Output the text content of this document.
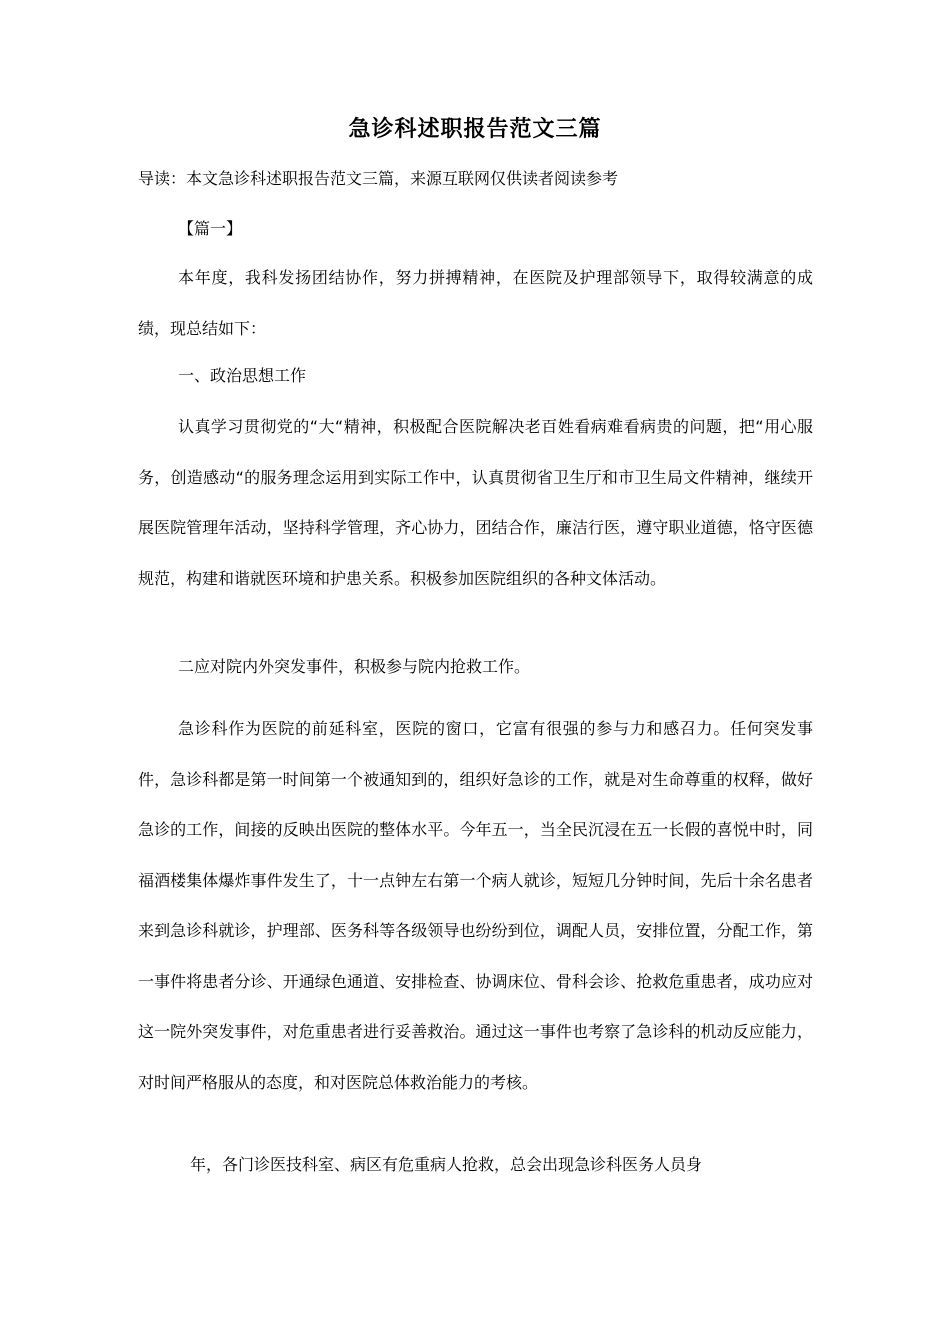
急诊科述职报告范文三篇
导读：本文急诊科述职报告范文三篇，来源互联网仅供读者阅读参考
【篇一】

本年度，我科发扬团结协作，努力拼搏精神，在医院及护理部领导下，取得较满意的成绩，现总结如下：

一、政治思想工作

认真学习贯彻党的“大“精神，积极配合医院解决老百姓看病难看病贵的问题，把“用心服务，创造感动“的服务理念运用到实际工作中，认真贯彻省卫生厅和市卫生局文件精神，继续开展医院管理年活动，坚持科学管理，齐心协力，团结合作，廉洁行医，遵守职业道德，恪守医德规范，构建和谐就医环境和护患关系。积极参加医院组织的各种文体活动。

二应对院内外突发事件，积极参与院内抢救工作。

急诊科作为医院的前延科室，医院的窗口，它富有很强的参与力和感召力。任何突发事件，急诊科都是第一时间第一个被通知到的，组织好急诊的工作，就是对生命尊重的权释，做好急诊的工作，间接的反映出医院的整体水平。今年五一，当全民沉浸在五一长假的喜悦中时，同福酒楼集体爆炸事件发生了，十一点钟左右第一个病人就诊，短短几分钟时间，先后十余名患者来到急诊科就诊，护理部、医务科等各级领导也纷纷到位，调配人员，安排位置，分配工作，第一事件将患者分诊、开通绿色通道、安排检查、协调床位、骨科会诊、抢救危重患者，成功应对这一院外突发事件，对危重患者进行妥善救治。通过这一事件也考察了急诊科的机动反应能力，对时间严格服从的态度，和对医院总体救治能力的考核。

年，各门诊医技科室、病区有危重病人抢救，总会出现急诊科医务人员身
